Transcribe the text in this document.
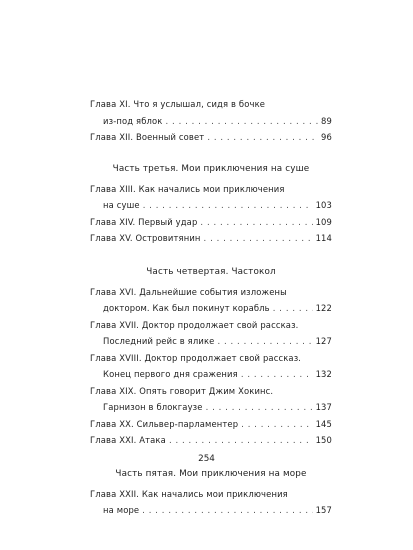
Глава XI. Что я услышал, сидя в бочке
из-под яблок . . .	89
Глава XII. Военный совет . . .	96
Часть третья. Мои приключения на суше
Глава XIII. Как начались мои приключения
на суше . . .	103
Глава XIV. Первый удар . . .	109
Глава XV. Островитянин . . .	114
Часть четвертая. Частокол
Глава XVI. Дальнейшие события изложены
доктором. Как был покинут корабль . . .	122
Глава XVII. Доктор продолжает свой рассказ.
Последний рейс в ялике . . .	127
Глава XVIII. Доктор продолжает свой рассказ.
Конец первого дня сражения . . .	132
Глава XIX. Опять говорит Джим Хокинс.
Гарнизон в блокгаузе . . .	137
Глава XX. Сильвер-парламентер . . .	145
Глава XXI. Атака . . .	150
Часть пятая. Мои приключения на море
Глава XXII. Как начались мои приключения
на море . . .	157
254
